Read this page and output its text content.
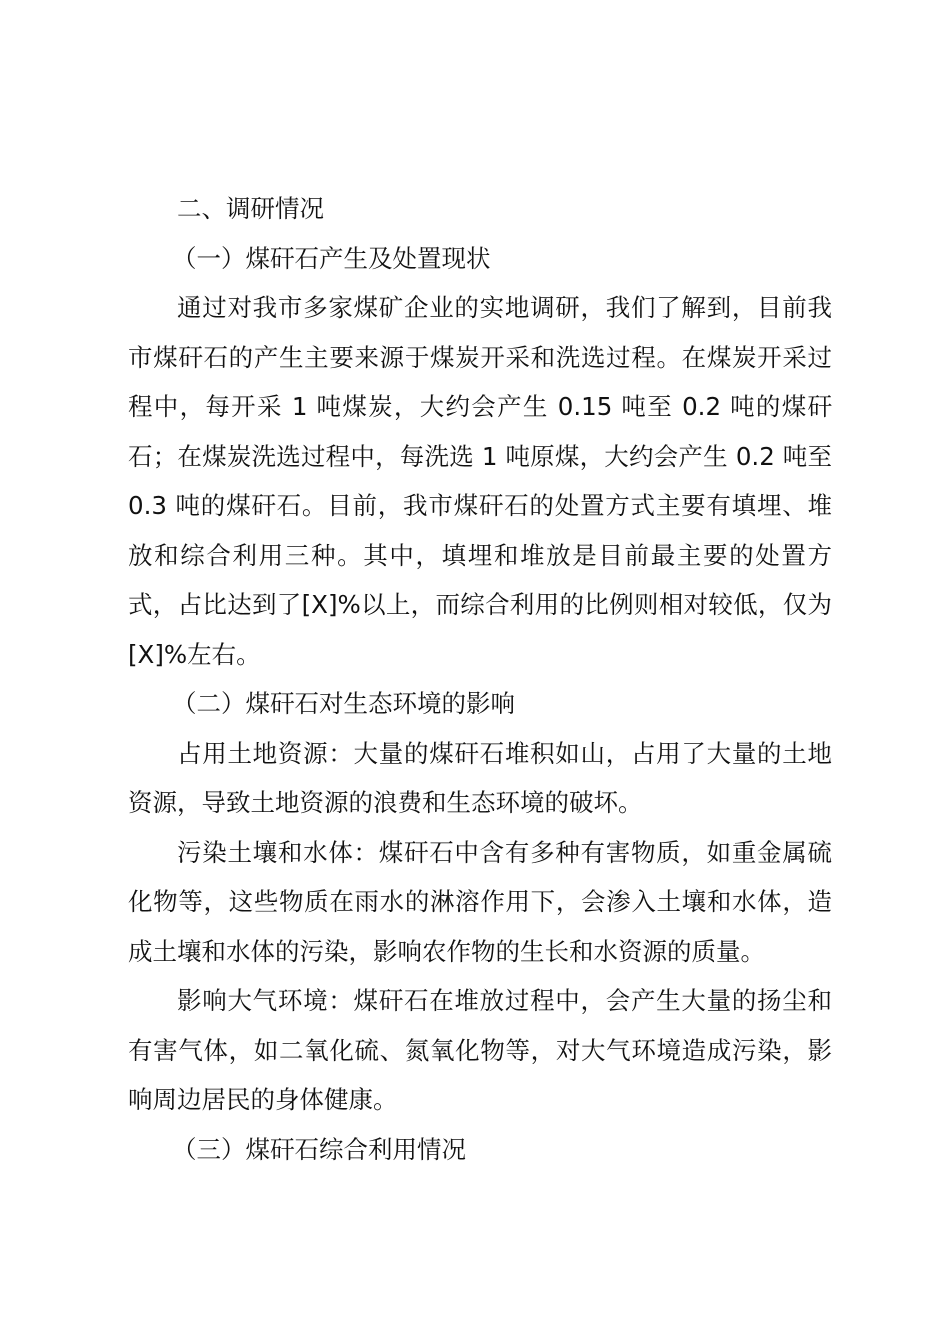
二、调研情况

（一）煤矸石产生及处置现状

通过对我市多家煤矿企业的实地调研，我们了解到，目前我市煤矸石的产生主要来源于煤炭开采和洗选过程。在煤炭开采过程中，每开采 1 吨煤炭，大约会产生 0.15 吨至 0.2 吨的煤矸石；在煤炭洗选过程中，每洗选 1 吨原煤，大约会产生 0.2 吨至 0.3 吨的煤矸石。目前，我市煤矸石的处置方式主要有填埋、堆放和综合利用三种。其中，填埋和堆放是目前最主要的处置方式，占比达到了[X]%以上，而综合利用的比例则相对较低，仅为[X]%左右。

（二）煤矸石对生态环境的影响

占用土地资源：大量的煤矸石堆积如山，占用了大量的土地资源，导致土地资源的浪费和生态环境的破坏。

污染土壤和水体：煤矸石中含有多种有害物质，如重金属硫化物等，这些物质在雨水的淋溶作用下，会渗入土壤和水体，造成土壤和水体的污染，影响农作物的生长和水资源的质量。

影响大气环境：煤矸石在堆放过程中，会产生大量的扬尘和有害气体，如二氧化硫、氮氧化物等，对大气环境造成污染，影响周边居民的身体健康。

（三）煤矸石综合利用情况
